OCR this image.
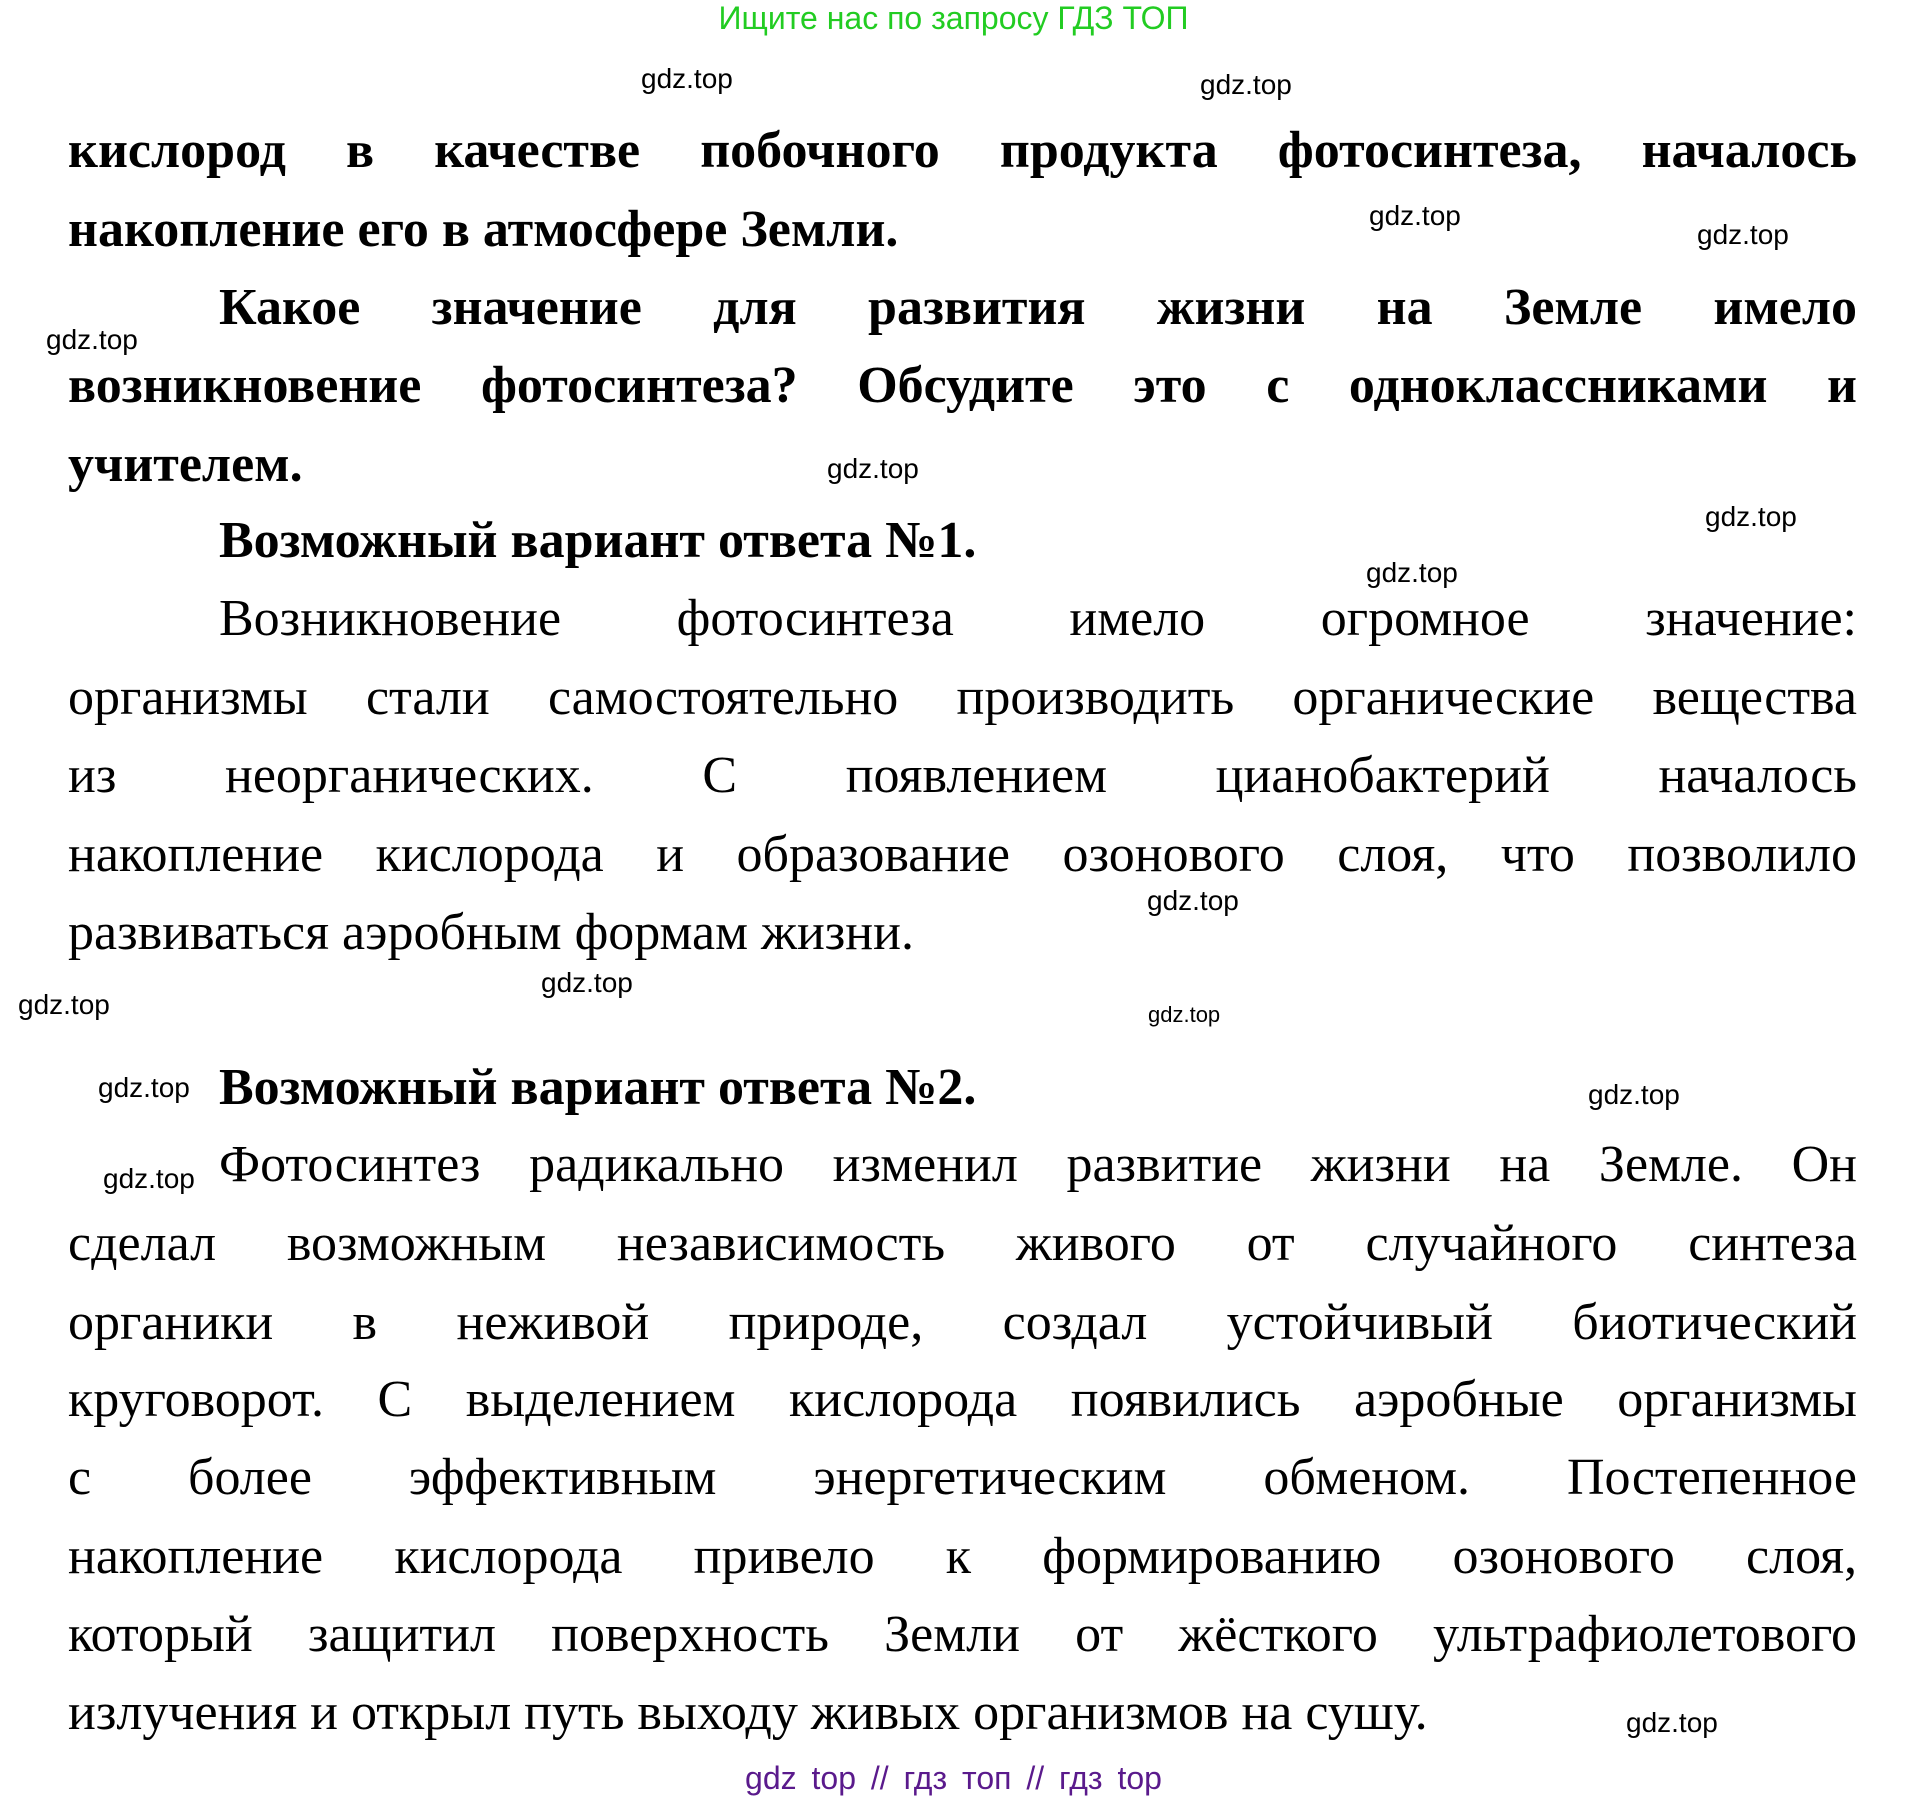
Ищите нас по запросу ГДЗ ТОП
кислород в качестве побочного продукта фотосинтеза, началось
накопление его в атмосфере Земли.
Какое значение для развития жизни на Земле имело
возникновение фотосинтеза? Обсудите это с одноклассниками и
учителем.
Возможный вариант ответа №1.
Возникновение фотосинтеза имело огромное значение:
организмы стали самостоятельно производить органические вещества
из неорганических. С появлением цианобактерий началось
накопление кислорода и образование озонового слоя, что позволило
развиваться аэробным формам жизни.
Возможный вариант ответа №2.
Фотосинтез радикально изменил развитие жизни на Земле. Он
сделал возможным независимость живого от случайного синтеза
органики в неживой природе, создал устойчивый биотический
круговорот. С выделением кислорода появились аэробные организмы
с более эффективным энергетическим обменом. Постепенное
накопление кислорода привело к формированию озонового слоя,
который защитил поверхность Земли от жёсткого ультрафиолетового
излучения и открыл путь выходу живых организмов на сушу.
gdz.top	gdz.top
gdz.top
gdz.top
gdz.top
gdz.top
gdz.top
gdz.top
gdz.top
gdz.top
gdz.top	gdz.top
gdz.top	gdz.top
gdz.top
gdz.top
gdz top // гдз топ // гдз top
